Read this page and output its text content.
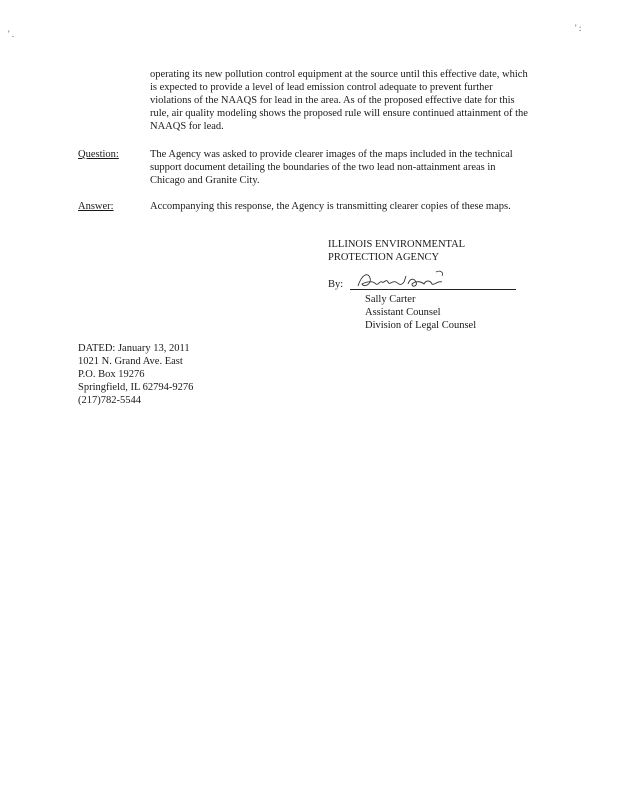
' .
' :
operating its new pollution control equipment at the source until this effective date, which
is expected to provide a level of lead emission control adequate to prevent further
violations of the NAAQS for lead in the area. As of the proposed effective date for this
rule, air quality modeling shows the proposed rule will ensure continued attainment of the
NAAQS for lead.
Question:	The Agency was asked to provide clearer images of the maps included in the technical
support document detailing the boundaries of the two lead non-attainment areas in
Chicago and Granite City.
Answer:	Accompanying this response, the Agency is transmitting clearer copies of these maps.
ILLINOIS ENVIRONMENTAL
PROTECTION AGENCY
By:
Sally Carter
Assistant Counsel
Division of Legal Counsel
DATED: January 13, 2011
1021 N. Grand Ave. East
P.O. Box 19276
Springfield, IL 62794-9276
(217)782-5544
